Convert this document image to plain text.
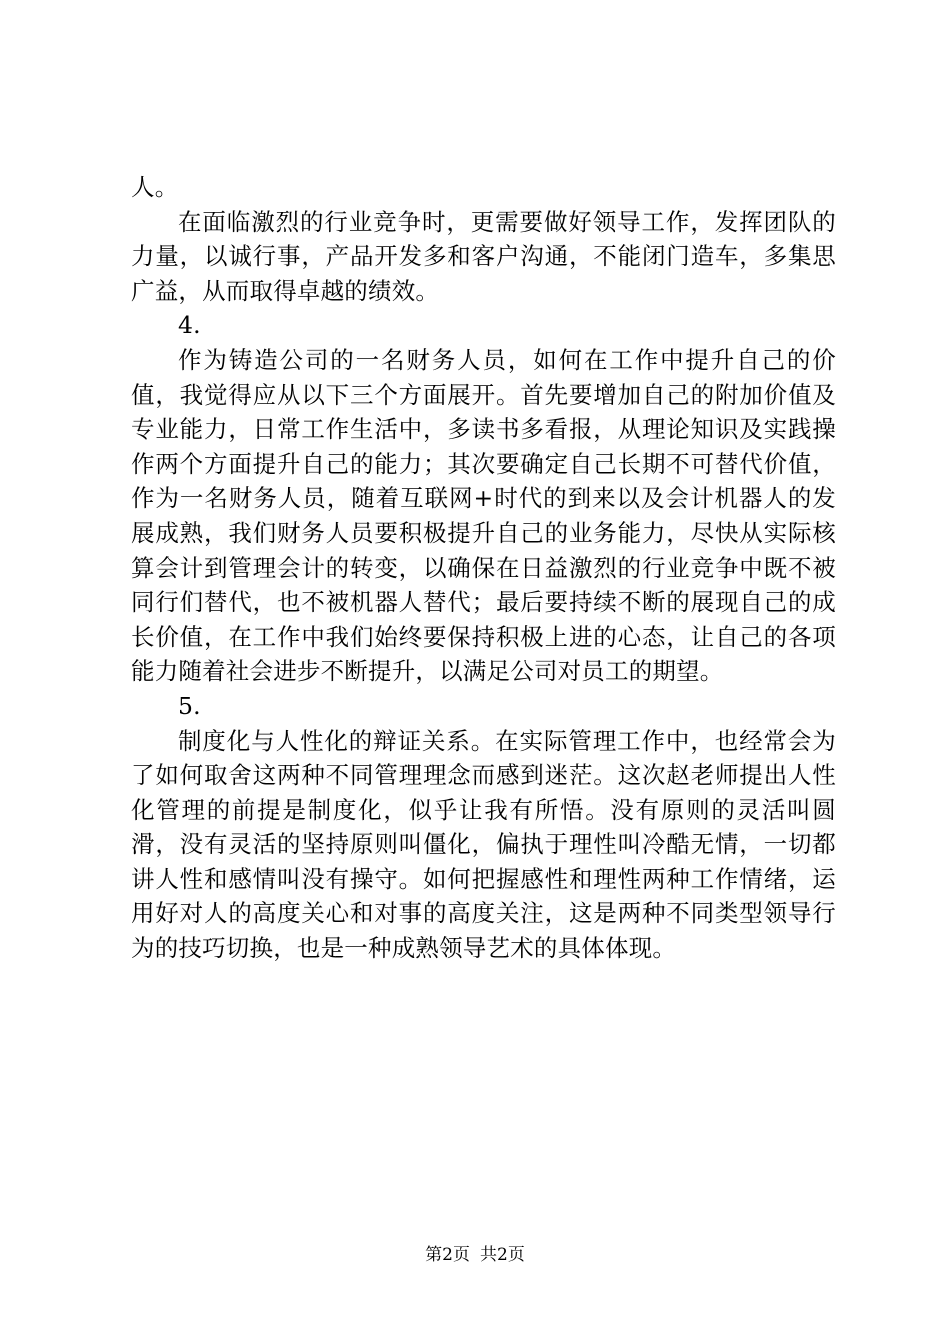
人。

在面临激烈的行业竞争时，更需要做好领导工作，发挥团队的力量，以诚行事，产品开发多和客户沟通，不能闭门造车，多集思广益，从而取得卓越的绩效。

4.

作为铸造公司的一名财务人员，如何在工作中提升自己的价值，我觉得应从以下三个方面展开。首先要增加自己的附加价值及专业能力，日常工作生活中，多读书多看报，从理论知识及实践操作两个方面提升自己的能力；其次要确定自己长期不可替代价值，作为一名财务人员，随着互联网+时代的到来以及会计机器人的发展成熟，我们财务人员要积极提升自己的业务能力，尽快从实际核算会计到管理会计的转变，以确保在日益激烈的行业竞争中既不被同行们替代，也不被机器人替代；最后要持续不断的展现自己的成长价值，在工作中我们始终要保持积极上进的心态，让自己的各项能力随着社会进步不断提升，以满足公司对员工的期望。

5.

制度化与人性化的辩证关系。在实际管理工作中，也经常会为了如何取舍这两种不同管理理念而感到迷茫。这次赵老师提出人性化管理的前提是制度化，似乎让我有所悟。没有原则的灵活叫圆滑，没有灵活的坚持原则叫僵化，偏执于理性叫冷酷无情，一切都讲人性和感情叫没有操守。如何把握感性和理性两种工作情绪，运用好对人的高度关心和对事的高度关注，这是两种不同类型领导行为的技巧切换，也是一种成熟领导艺术的具体体现。

第2页 共2页
